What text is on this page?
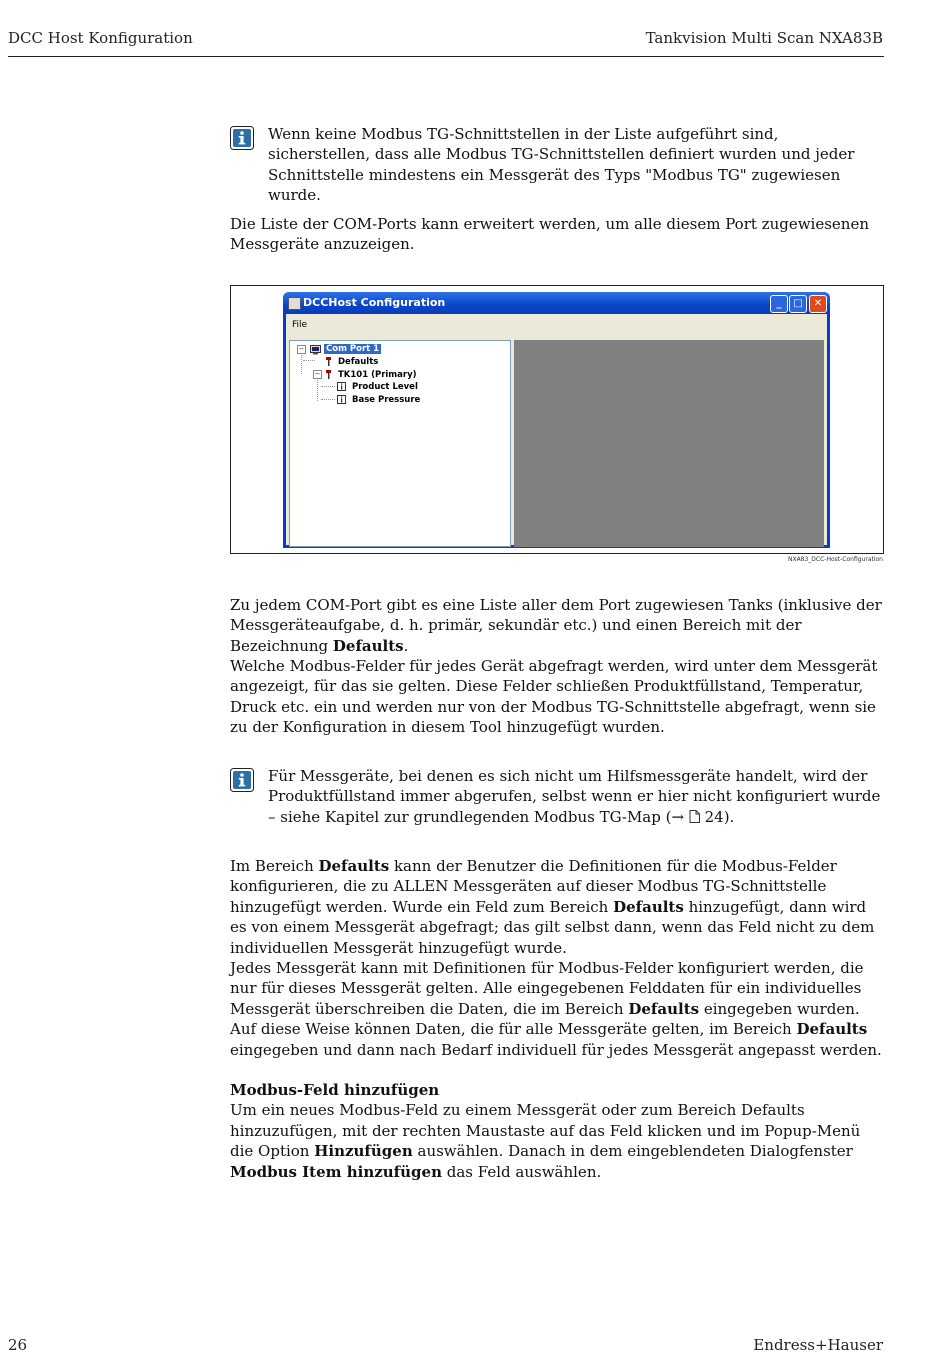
DCC Host Konfiguration	Tankvision Multi Scan NXA83B
Wenn keine Modbus TG-Schnittstellen in der Liste aufgeführt sind, sicherstellen, dass alle Modbus TG-Schnittstellen definiert wurden und jeder Schnittstelle mindestens ein Messgerät des Typs "Modbus TG" zugewiesen wurde.

Die Liste der COM-Ports kann erweitert werden, um alle diesem Port zugewiesenen Messgeräte anzuzeigen.

DCCHost Configuration	_	□	✕
File
−	Com Port 1
Defaults
− TK101 (Primary)
Product Level
Base Pressure
NXA83_DCC-Host-Configuration

Zu jedem COM-Port gibt es eine Liste aller dem Port zugewiesen Tanks (inklusive der Messgeräteaufgabe, d. h. primär, sekundär etc.) und einen Bereich mit der Bezeichnung Defaults.

Welche Modbus-Felder für jedes Gerät abgefragt werden, wird unter dem Messgerät angezeigt, für das sie gelten. Diese Felder schließen Produktfüllstand, Temperatur, Druck etc. ein und werden nur von der Modbus TG-Schnittstelle abgefragt, wenn sie zu der Konfiguration in diesem Tool hinzugefügt wurden.

Für Messgeräte, bei denen es sich nicht um Hilfsmessgeräte handelt, wird der Produktfüllstand immer abgerufen, selbst wenn er hier nicht konfiguriert wurde – siehe Kapitel zur grundlegenden Modbus TG-Map (→  24).

Im Bereich Defaults kann der Benutzer die Definitionen für die Modbus-Felder konfigurieren, die zu ALLEN Messgeräten auf dieser Modbus TG-Schnittstelle hinzugefügt werden. Wurde ein Feld zum Bereich Defaults hinzugefügt, dann wird es von einem Messgerät abgefragt; das gilt selbst dann, wenn das Feld nicht zu dem individuellen Messgerät hinzugefügt wurde.

Jedes Messgerät kann mit Definitionen für Modbus-Felder konfiguriert werden, die nur für dieses Messgerät gelten. Alle eingegebenen Felddaten für ein individuelles Messgerät überschreiben die Daten, die im Bereich Defaults eingegeben wurden. Auf diese Weise können Daten, die für alle Messgeräte gelten, im Bereich Defaults eingegeben und dann nach Bedarf individuell für jedes Messgerät angepasst werden.

Modbus-Feld hinzufügen

Um ein neues Modbus-Feld zu einem Messgerät oder zum Bereich Defaults hinzuzufügen, mit der rechten Maustaste auf das Feld klicken und im Popup-Menü die Option Hinzufügen auswählen. Danach in dem eingeblendeten Dialogfenster Modbus Item hinzufügen das Feld auswählen.

26	Endress+Hauser
